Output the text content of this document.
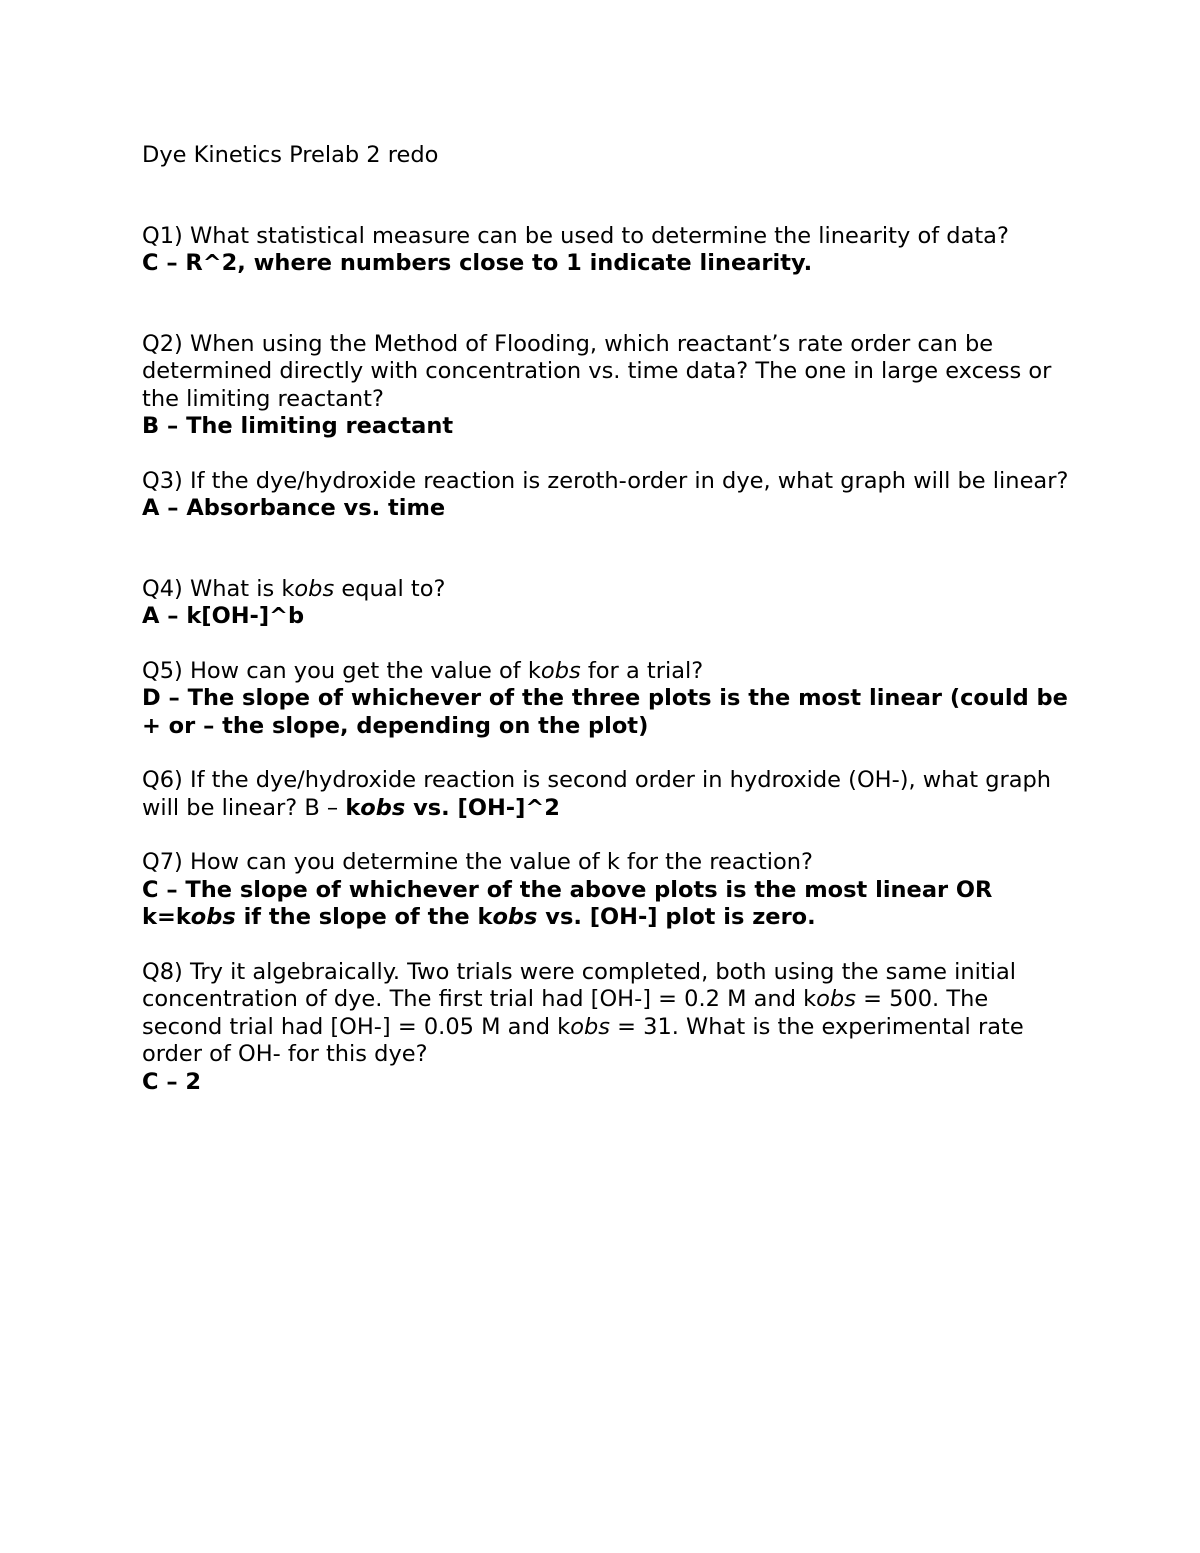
Dye Kinetics Prelab 2 redo

Q1) What statistical measure can be used to determine the linearity of data?

C – R^2, where numbers close to 1 indicate linearity.

Q2) When using the Method of Flooding, which reactant’s rate order can be determined directly with concentration vs. time data? The one in large excess or the limiting reactant?

B – The limiting reactant

Q3) If the dye/hydroxide reaction is zeroth-order in dye, what graph will be linear?

A – Absorbance vs. time

Q4) What is kobs equal to?

A – k[OH-]^b

Q5) How can you get the value of kobs for a trial?

D – The slope of whichever of the three plots is the most linear (could be + or – the slope, depending on the plot)

Q6) If the dye/hydroxide reaction is second order in hydroxide (OH-), what graph will be linear? B – kobs vs. [OH-]^2

Q7) How can you determine the value of k for the reaction?

C – The slope of whichever of the above plots is the most linear OR k=kobs if the slope of the kobs vs. [OH-] plot is zero.

Q8) Try it algebraically. Two trials were completed, both using the same initial concentration of dye. The first trial had [OH-] = 0.2 M and kobs = 500. The second trial had [OH-] = 0.05 M and kobs = 31. What is the experimental rate order of OH- for this dye?

C – 2
